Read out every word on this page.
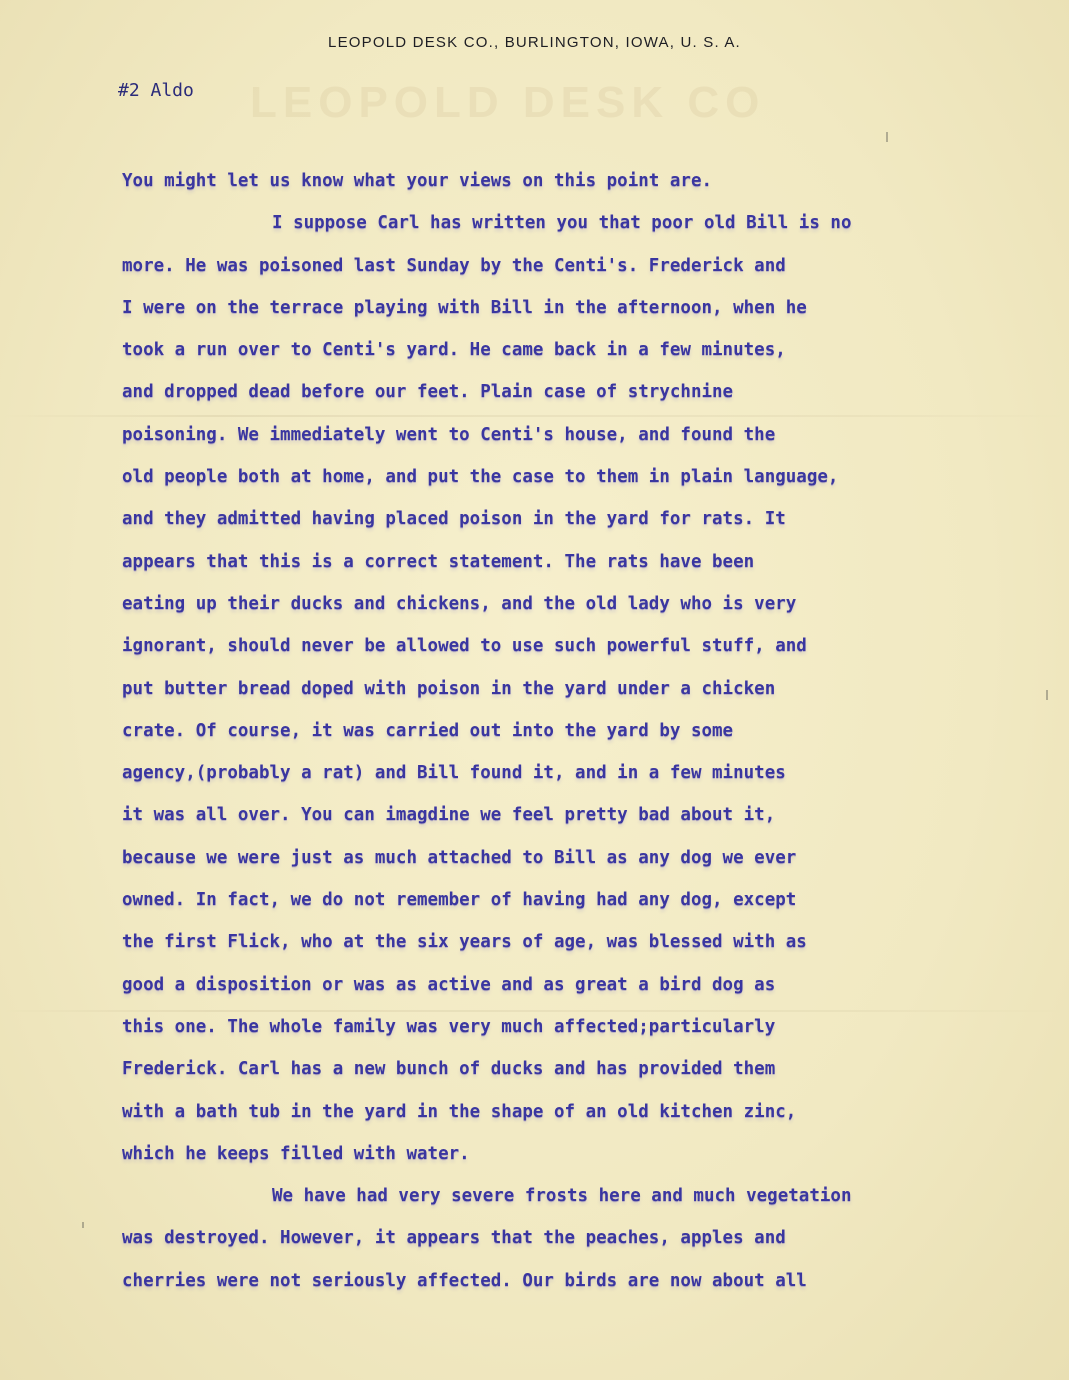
LEOPOLD DESK CO
LEOPOLD DESK CO., BURLINGTON, IOWA, U. S. A.
#2 Aldo
You might let us know what your views on this point are.
I suppose Carl has written you that poor old Bill is no
more. He was poisoned last Sunday by the Centi's. Frederick and
I were on the terrace playing with Bill in the afternoon, when he
took a run over to Centi's yard. He came back in a few minutes,
and dropped dead before our feet. Plain case of strychnine
poisoning. We immediately went to Centi's house, and found the
old people both at home, and put the case to them in plain language,
and they admitted having placed poison in the yard for rats. It
appears that this is a correct statement. The rats have been
eating up their ducks and chickens, and the old lady who is very
ignorant, should never be allowed to use such powerful stuff, and
put butter bread doped with poison in the yard under a chicken
crate. Of course, it was carried out into the yard by some
agency,(probably a rat) and Bill found it, and in a few minutes
it was all over. You can imagdine we feel pretty bad about it,
because we were just as much attached to Bill as any dog we ever
owned. In fact, we do not remember of having had any dog, except
the first Flick, who at the six years of age, was blessed with as
good a disposition or was as active and as great a bird dog as
this one. The whole family was very much affected;particularly
Frederick. Carl has a new bunch of ducks and has provided them
with a bath tub in the yard in the shape of an old kitchen zinc,
which he keeps filled with water.
We have had very severe frosts here and much vegetation
was destroyed. However, it appears that the peaches, apples and
cherries were not seriously affected. Our birds are now about all
